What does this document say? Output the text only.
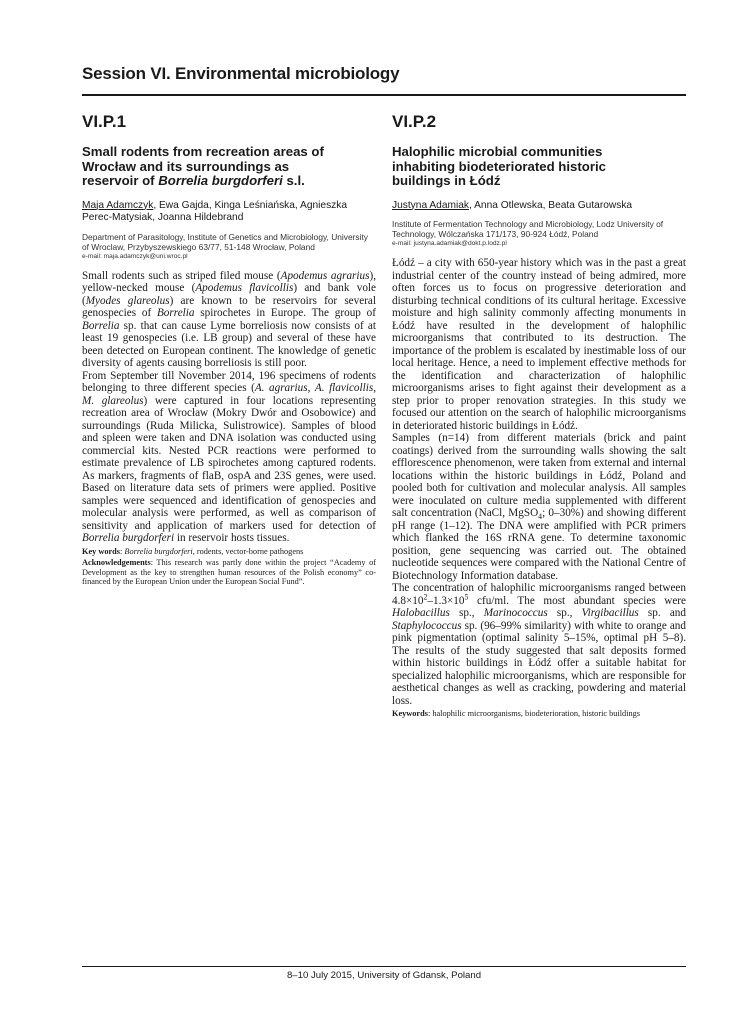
Session VI. Environmental microbiology
VI.P.1
Small rodents from recreation areas of Wrocław and its surroundings as reservoir of Borrelia burgdorferi s.l.
Maja Adamczyk, Ewa Gajda, Kinga Leśniańska, Agnieszka Perec-Matysiak, Joanna Hildebrand
Department of Parasitology, Institute of Genetics and Microbiology, University of Wroclaw, Przybyszewskiego 63/77, 51-148 Wrocław, Poland
e-mail: maja.adamczyk@uni.wroc.pl

Small rodents such as striped filed mouse (Apodemus agrarius), yellow-necked mouse (Apodemus flavicollis) and bank vole (Myodes glareolus) are known to be reservoirs for several genospecies of Borrelia spirochetes in Europe. The group of Borrelia sp. that can cause Lyme borreliosis now consists of at least 19 genospecies (i.e. LB group) and several of these have been detected on European continent. The knowledge of genetic diversity of agents causing borreliosis is still poor.

From September till November 2014, 196 specimens of rodents belonging to three different species (A. agrarius, A. flavicollis, M. glareolus) were captured in four locations representing recreation area of Wrocław (Mokry Dwór and Osobowice) and surroundings (Ruda Milicka, Sulistrowice). Samples of blood and spleen were taken and DNA isolation was conducted using commercial kits. Nested PCR reactions were performed to estimate prevalence of LB spirochetes among captured rodents. As markers, fragments of flaB, ospA and 23S genes, were used. Based on literature data sets of primers were applied. Positive samples were sequenced and identification of genospecies and molecular analysis were performed, as well as comparison of sensitivity and application of markers used for detection of Borrelia burgdorferi in reservoir hosts tissues.

Key words: Borrelia burgdorferi, rodents, vector-borne pathogens
Acknowledgements: This research was partly done within the project “Academy of Development as the key to strengthen human resources of the Polish economy” co-financed by the European Union under the European Social Fund”.
VI.P.2
Halophilic microbial communities inhabiting biodeteriorated historic buildings in Łódź
Justyna Adamiak, Anna Otlewska, Beata Gutarowska
Institute of Fermentation Technology and Microbiology, Lodz University of Technology, Wólczańska 171/173, 90-924 Łódź, Poland
e-mail: justyna.adamiak@dokt.p.lodz.pl

Łódź – a city with 650-year history which was in the past a great industrial center of the country instead of being admired, more often forces us to focus on progressive deterioration and disturbing technical conditions of its cultural heritage. Excessive moisture and high salinity commonly affecting monuments in Łódź have resulted in the development of halophilic microorganisms that contributed to its destruction. The importance of the problem is escalated by inestimable loss of our local heritage. Hence, a need to implement effective methods for the identification and characterization of halophilic microorganisms arises to fight against their development as a step prior to proper renovation strategies. In this study we focused our attention on the search of halophilic microorganisms in deteriorated historic buildings in Łódź.

Samples (n=14) from different materials (brick and paint coatings) derived from the surrounding walls showing the salt efflorescence phenomenon, were taken from external and internal locations within the historic buildings in Łódź, Poland and pooled both for cultivation and molecular analysis. All samples were inoculated on culture media supplemented with different salt concentration (NaCl, MgSO$_4$; 0–30%) and showing different pH range (1–12). The DNA were amplified with PCR primers which flanked the 16S rRNA gene. To determine taxonomic position, gene sequencing was carried out. The obtained nucleotide sequences were compared with the National Centre of Biotechnology Information database.

The concentration of halophilic microorganisms ranged between $4.8\times 10^2-1.3\times 10^5$ cfu/ml. The most abundant species were Halobacillus sp., Marinococcus sp., Virgibacillus sp. and Staphylococcus sp. (96–99% similarity) with white to orange and pink pigmentation (optimal salinity 5–15%, optimal pH 5–8). The results of the study suggested that salt deposits formed within historic buildings in Łódź offer a suitable habitat for specialized halophilic microorganisms, which are responsible for aesthetical changes as well as cracking, powdering and material loss.

Keywords: halophilic microorganisms, biodeterioration, historic buildings
8–10 July 2015, University of Gdansk, Poland
